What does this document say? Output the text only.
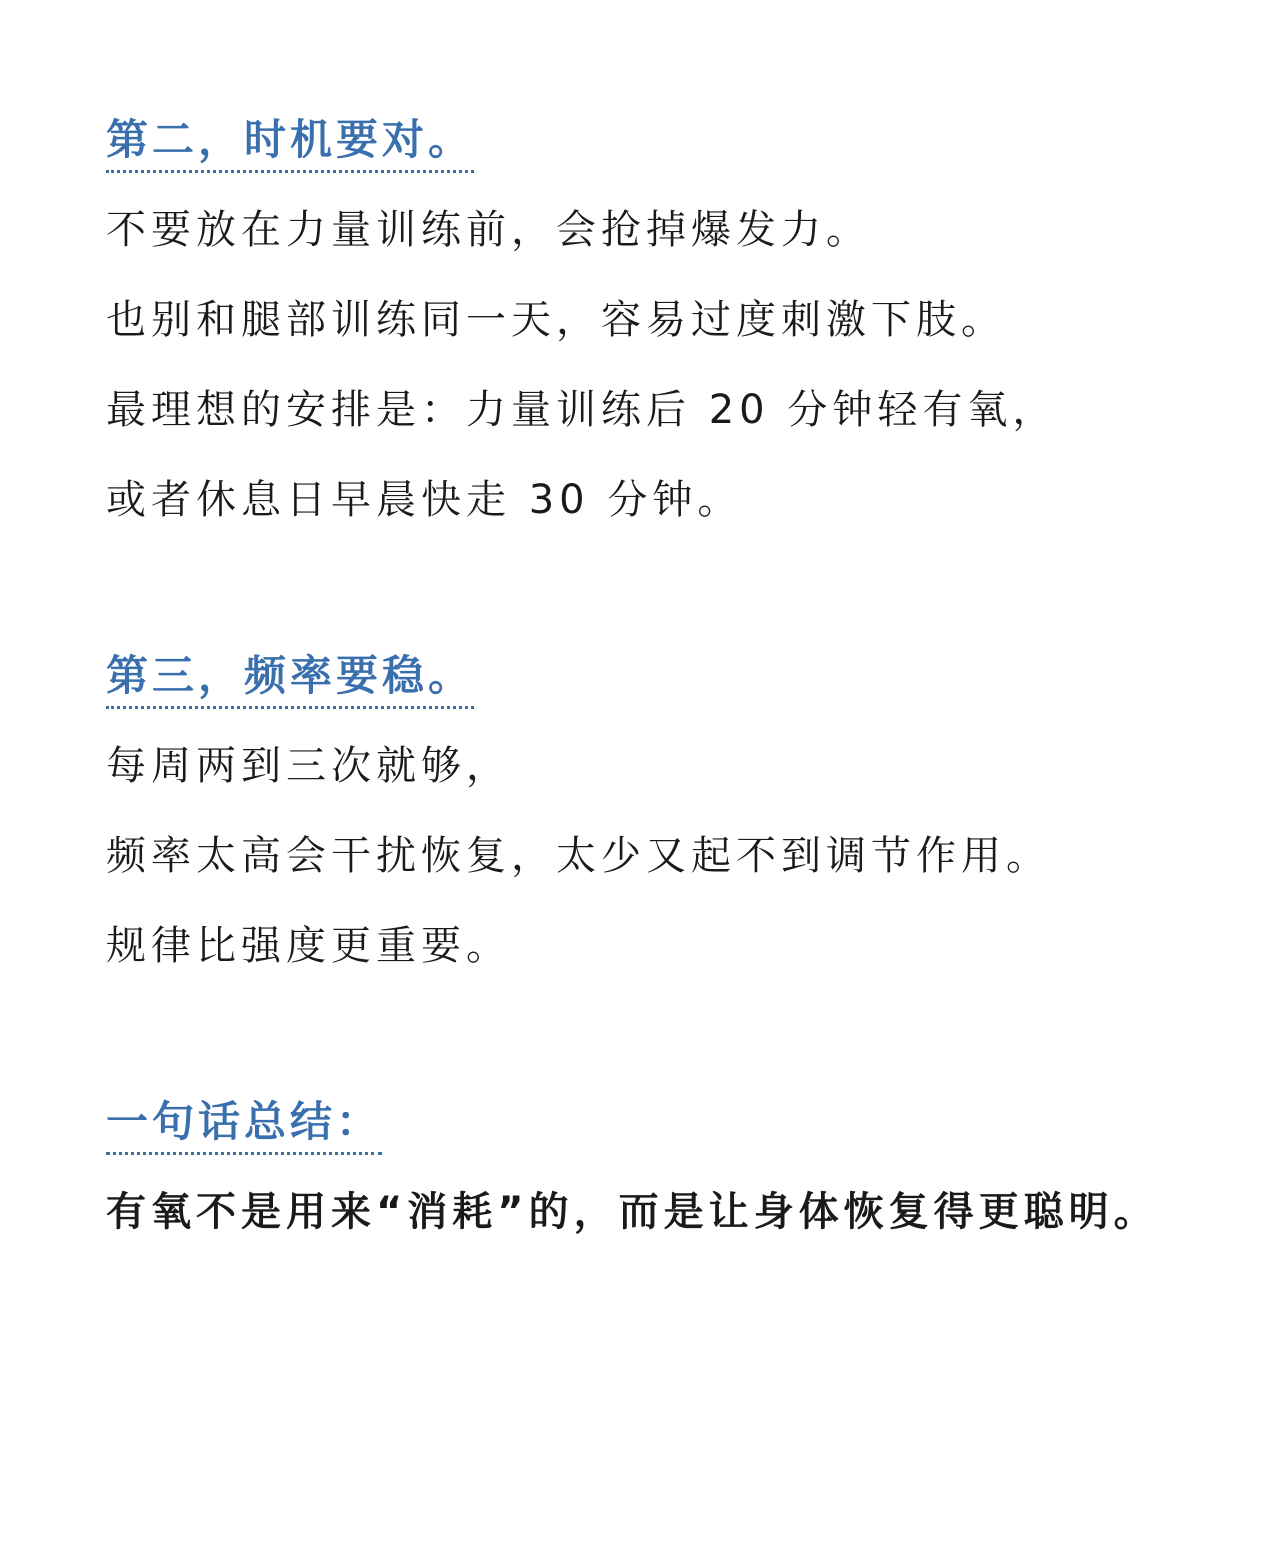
第二，时机要对。

不要放在力量训练前，会抢掉爆发力。

也别和腿部训练同一天，容易过度刺激下肢。

最理想的安排是：力量训练后 20 分钟轻有氧，

或者休息日早晨快走 30 分钟。

第三，频率要稳。

每周两到三次就够，

频率太高会干扰恢复，太少又起不到调节作用。

规律比强度更重要。

一句话总结：

有氧不是用来“消耗”的，而是让身体恢复得更聪明。
